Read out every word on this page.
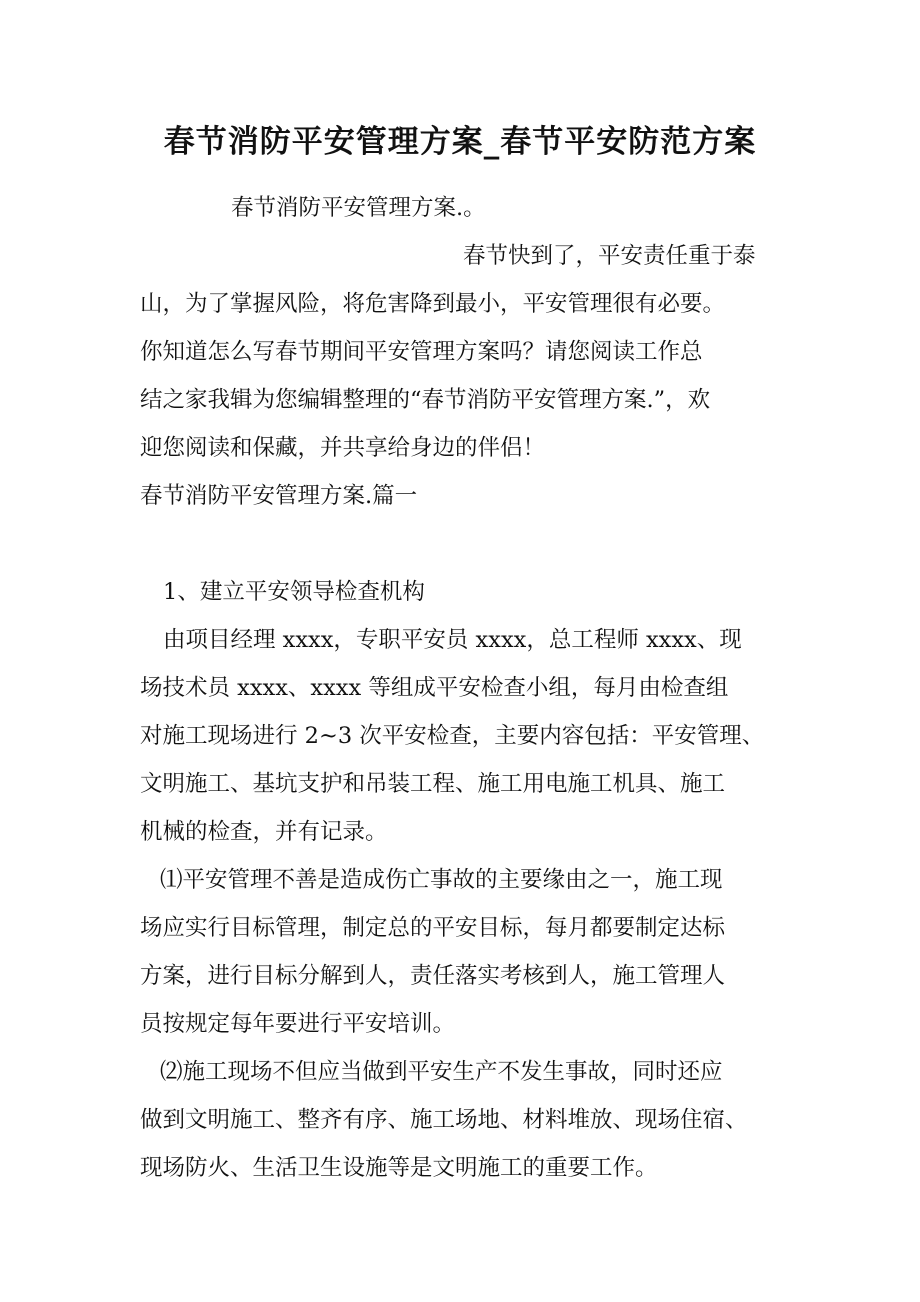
春节消防平安管理方案_春节平安防范方案

春节消防平安管理方案.。

春节快到了，平安责任重于泰

山，为了掌握风险，将危害降到最小，平安管理很有必要。

你知道怎么写春节期间平安管理方案吗？请您阅读工作总

结之家我辑为您编辑整理的“春节消防平安管理方案.”，欢

迎您阅读和保藏，并共享给身边的伴侣！

春节消防平安管理方案.篇一

1、建立平安领导检查机构

由项目经理 xxxx，专职平安员 xxxx，总工程师 xxxx、现

场技术员 xxxx、xxxx 等组成平安检查小组，每月由检查组

对施工现场进行 2~3 次平安检查，主要内容包括：平安管理、

文明施工、基坑支护和吊装工程、施工用电施工机具、施工

机械的检查，并有记录。

⑴平安管理不善是造成伤亡事故的主要缘由之一，施工现

场应实行目标管理，制定总的平安目标，每月都要制定达标

方案，进行目标分解到人，责任落实考核到人，施工管理人

员按规定每年要进行平安培训。

⑵施工现场不但应当做到平安生产不发生事故，同时还应

做到文明施工、整齐有序、施工场地、材料堆放、现场住宿、

现场防火、生活卫生设施等是文明施工的重要工作。
